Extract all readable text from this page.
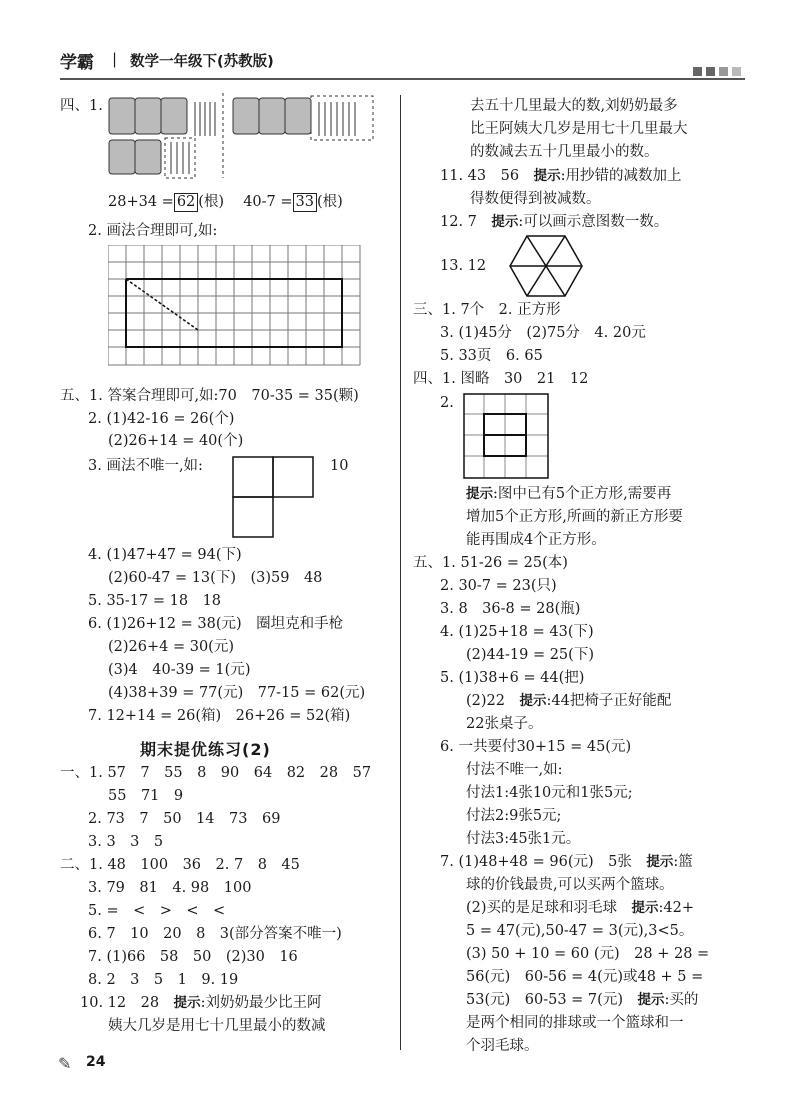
学霸 | 数学一年级下(苏教版)
四、1.
28+34 = 62 (根)　 40-7 = 33 (根)
2. 画法合理即可,如:
五、1. 答案合理即可,如:70　70-35 = 35(颗)
2. (1)42-16 = 26(个)
(2)26+14 = 40(个)
3. 画法不唯一,如:	10
4. (1)47+47 = 94(下)
(2)60-47 = 13(下)　(3)59　48
5. 35-17 = 18　18
6. (1)26+12 = 38(元)　圈坦克和手枪
(2)26+4 = 30(元)
(3)4　40-39 = 1(元)
(4)38+39 = 77(元)　77-15 = 62(元)
7. 12+14 = 26(箱)　26+26 = 52(箱)
期末提优练习(2)
一、1. 57　7　55　8　90　64　82　28　57
55　71　9
2. 73　7　50　14　73　69
3. 3　3　5
二、1. 48　100　36　2. 7　8　45
3. 79　81　4. 98　100
5. =　<　>　<　<
6. 7　10　20　8　3(部分答案不唯一)
7. (1)66　58　50　(2)30　16
8. 2　3　5　1　9. 19
10. 12　28　 提示:刘奶奶最少比王阿
姨大几岁是用七十几里最小的数减
去五十几里最大的数,刘奶奶最多
比王阿姨大几岁是用七十几里最大
的数减去五十几里最小的数。
11. 43　56　 提示:用抄错的减数加上
得数便得到被减数。
12. 7　 提示:可以画示意图数一数。
13. 12
三、1. 7个　2. 正方形
3. (1)45分　(2)75分　4. 20元
5. 33页　6. 65
四、1. 图略　30　21　12
2.
提示:图中已有5个正方形,需要再
增加5个正方形,所画的新正方形要
能再围成4个正方形。
五、1. 51-26 = 25(本)
2. 30-7 = 23(只)
3. 8　36-8 = 28(瓶)
4. (1)25+18 = 43(下)
(2)44-19 = 25(下)
5. (1)38+6 = 44(把)
(2)22　 提示:44把椅子正好能配
22张桌子。
6. 一共要付30+15 = 45(元)
付法不唯一,如:
付法1:4张10元和1张5元;
付法2:9张5元;
付法3:45张1元。
7. (1)48+48 = 96(元)　5张　 提示:篮
球的价钱最贵,可以买两个篮球。
(2)买的是足球和羽毛球　 提示:42+
5 = 47(元),50-47 = 3(元),3<5。
(3) 50 + 10 = 60 (元)　28 + 28 =
56(元)　60-56 = 4(元)或48 + 5 =
53(元)　60-53 = 7(元)　 提示:买的
是两个相同的排球或一个篮球和一
个羽毛球。
✎ 24
